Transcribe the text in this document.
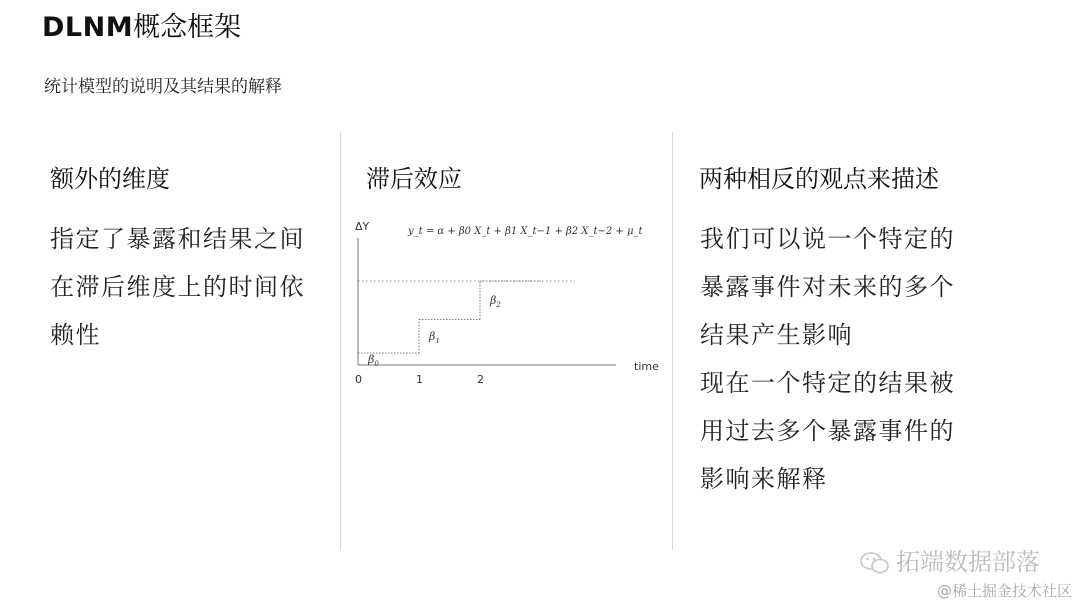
DLNM概念框架
统计模型的说明及其结果的解释
额外的维度
指定了暴露和结果之间
在滞后维度上的时间依
赖性
滞后效应
ΔY
time
y_t = α + β0 X_t + β1 X_t−1 + β2 X_t−2 + μ_t
0	1	2
$\beta_0$
$\beta_1$
$\beta_2$
两种相反的观点来描述
我们可以说一个特定的
暴露事件对未来的多个
结果产生影响
现在一个特定的结果被
用过去多个暴露事件的
影响来解释
拓端数据部落
@稀土掘金技术社区
